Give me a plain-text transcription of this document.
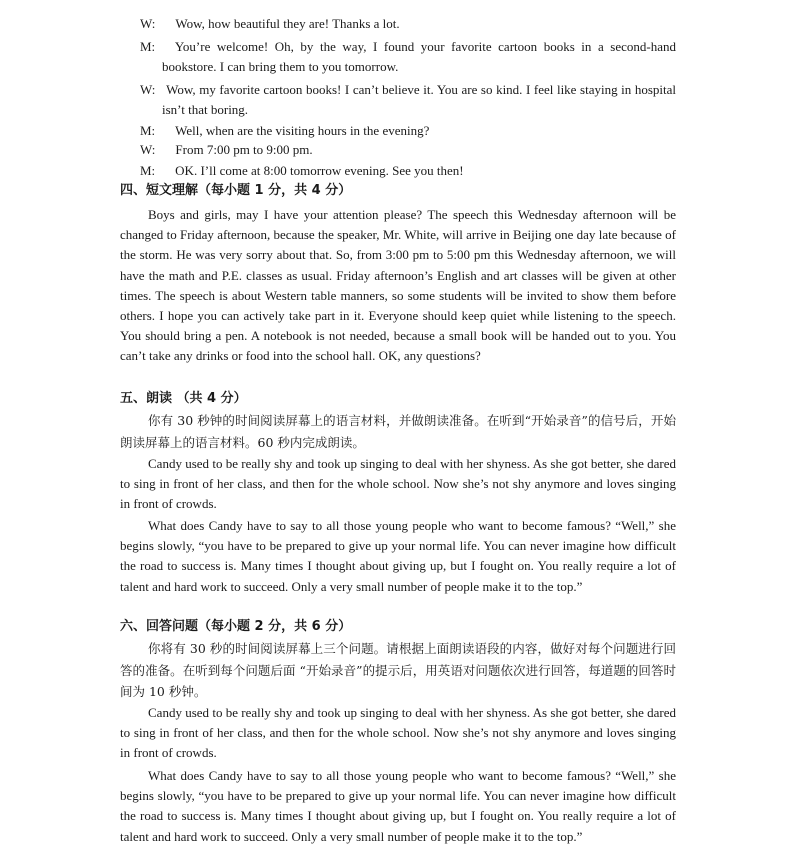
W: Wow, how beautiful they are! Thanks a lot.
M: You’re welcome! Oh, by the way, I found your favorite cartoon books in a second-hand bookstore. I can bring them to you tomorrow.
W: Wow, my favorite cartoon books! I can’t believe it. You are so kind. I feel like staying in hospital isn’t that boring.
M: Well, when are the visiting hours in the evening?
W: From 7:00 pm to 9:00 pm.
M: OK. I’ll come at 8:00 tomorrow evening. See you then!
四、短文理解（每小题 1 分，共 4 分）
Boys and girls, may I have your attention please? The speech this Wednesday afternoon will be changed to Friday afternoon, because the speaker, Mr. White, will arrive in Beijing one day late because of the storm. He was very sorry about that. So, from 3:00 pm to 5:00 pm this Wednesday afternoon, we will have the math and P.E. classes as usual. Friday afternoon’s English and art classes will be given at other times. The speech is about Western table manners, so some students will be invited to show them before others. I hope you can actively take part in it. Everyone should keep quiet while listening to the speech. You should bring a pen. A notebook is not needed, because a small book will be handed out to you. You can’t take any drinks or food into the school hall. OK, any questions?
五、朗读 （共 4 分）
你有 30 秒钟的时间阅读屏幕上的语言材料，并做朗读准备。在听到“开始录音”的信号后，开始朗读屏幕上的语言材料。60 秒内完成朗读。
Candy used to be really shy and took up singing to deal with her shyness. As she got better, she dared to sing in front of her class, and then for the whole school. Now she’s not shy anymore and loves singing in front of crowds.
What does Candy have to say to all those young people who want to become famous? “Well,” she begins slowly, “you have to be prepared to give up your normal life. You can never imagine how difficult the road to success is. Many times I thought about giving up, but I fought on. You really require a lot of talent and hard work to succeed. Only a very small number of people make it to the top.”
六、回答问题（每小题 2 分，共 6 分）
你将有 30 秒的时间阅读屏幕上三个问题。请根据上面朗读语段的内容，做好对每个问题进行回答的准备。在听到每个问题后面 “开始录音”的提示后，用英语对问题依次进行回答，每道题的回答时间为 10 秒钟。
Candy used to be really shy and took up singing to deal with her shyness. As she got better, she dared to sing in front of her class, and then for the whole school. Now she’s not shy anymore and loves singing in front of crowds.
What does Candy have to say to all those young people who want to become famous? “Well,” she begins slowly, “you have to be prepared to give up your normal life. You can never imagine how difficult the road to success is. Many times I thought about giving up, but I fought on. You really require a lot of talent and hard work to succeed. Only a very small number of people make it to the top.”
